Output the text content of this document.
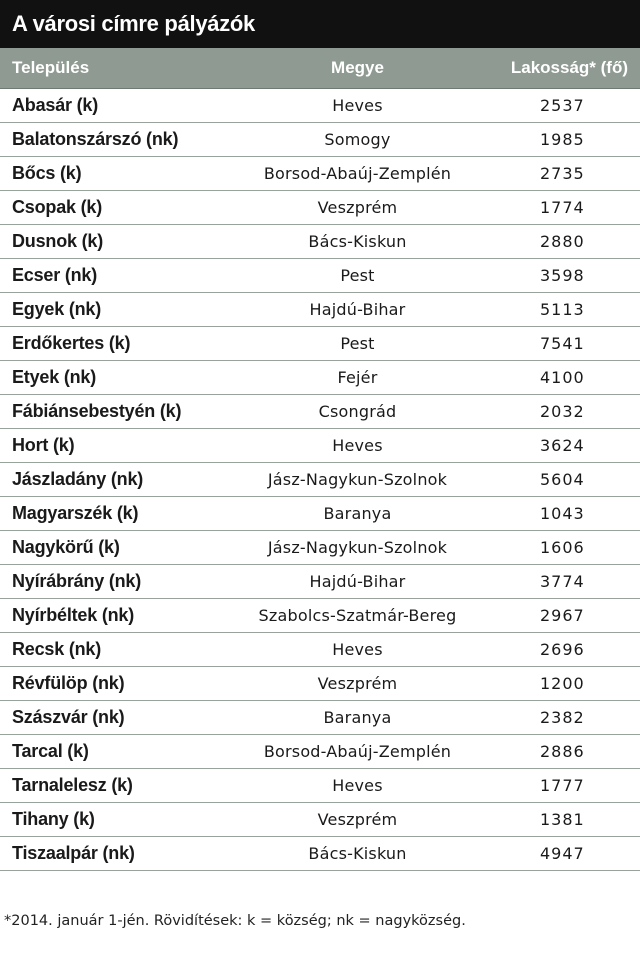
A városi címre pályázók
Település	Megye	Lakosság* (fő)
Abasár (k)	Heves	2537
Balatonszárszó (nk)	Somogy	1985
Bőcs (k)	Borsod-Abaúj-Zemplén	2735
Csopak (k)	Veszprém	1774
Dusnok (k)	Bács-Kiskun	2880
Ecser (nk)	Pest	3598
Egyek (nk)	Hajdú-Bihar	5113
Erdőkertes (k)	Pest	7541
Etyek (nk)	Fejér	4100
Fábiánsebestyén (k)	Csongrád	2032
Hort (k)	Heves	3624
Jászladány (nk)	Jász-Nagykun-Szolnok	5604
Magyarszék (k)	Baranya	1043
Nagykörű (k)	Jász-Nagykun-Szolnok	1606
Nyírábrány (nk)	Hajdú-Bihar	3774
Nyírbéltek (nk)	Szabolcs-Szatmár-Bereg	2967
Recsk (nk)	Heves	2696
Révfülöp (nk)	Veszprém	1200
Szászvár (nk)	Baranya	2382
Tarcal (k)	Borsod-Abaúj-Zemplén	2886
Tarnalelesz (k)	Heves	1777
Tihany (k)	Veszprém	1381
Tiszaalpár (nk)	Bács-Kiskun	4947
*2014. január 1-jén. Rövidítések: k = község; nk = nagyközség.
